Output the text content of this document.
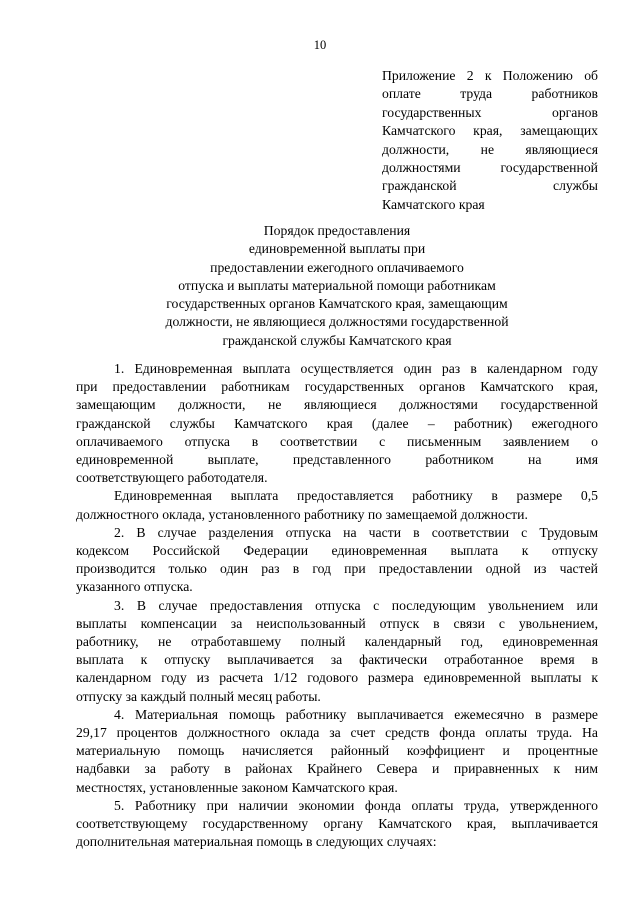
10
Приложение 2 к Положению об
оплате труда работников
государственных органов
Камчатского края, замещающих
должности, не являющиеся
должностями государственной
гражданской службы
Камчатского края
Порядок предоставления
единовременной выплаты при
предоставлении ежегодного оплачиваемого
отпуска и выплаты материальной помощи работникам
государственных органов Камчатского края, замещающим
должности, не являющиеся должностями государственной
гражданской службы Камчатского края
1. Единовременная выплата осуществляется один раз в календарном году
при предоставлении работникам государственных органов Камчатского края,
замещающим должности, не являющиеся должностями государственной
гражданской службы Камчатского края (далее – работник) ежегодного
оплачиваемого отпуска в соответствии с письменным заявлением о
единовременной выплате, представленного работником на имя
соответствующего работодателя.
Единовременная выплата предоставляется работнику в размере 0,5
должностного оклада, установленного работнику по замещаемой должности.
2. В случае разделения отпуска на части в соответствии с Трудовым
кодексом Российской Федерации единовременная выплата к отпуску
производится только один раз в год при предоставлении одной из частей
указанного отпуска.
3. В случае предоставления отпуска с последующим увольнением или
выплаты компенсации за неиспользованный отпуск в связи с увольнением,
работнику, не отработавшему полный календарный год, единовременная
выплата к отпуску выплачивается за фактически отработанное время в
календарном году из расчета 1/12 годового размера единовременной выплаты к
отпуску за каждый полный месяц работы.
4. Материальная помощь работнику выплачивается ежемесячно в размере
29,17 процентов должностного оклада за счет средств фонда оплаты труда. На
материальную помощь начисляется районный коэффициент и процентные
надбавки за работу в районах Крайнего Севера и приравненных к ним
местностях, установленные законом Камчатского края.
5. Работнику при наличии экономии фонда оплаты труда, утвержденного
соответствующему государственному органу Камчатского края, выплачивается
дополнительная материальная помощь в следующих случаях:
